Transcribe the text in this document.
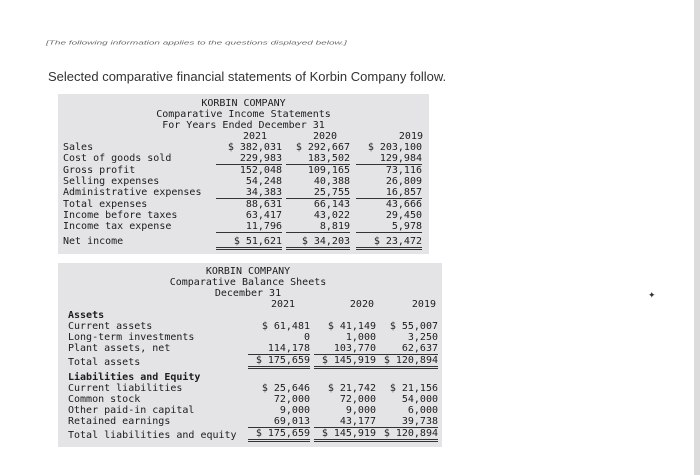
[The following information applies to the questions displayed below.]
Selected comparative financial statements of Korbin Company follow.
KORBIN COMPANY
Comparative Income Statements
For Years Ended December 31
2021	2020	2019
Sales	$ 382,031	$ 292,667	$ 203,100
Cost of goods sold	229,983	183,502	129,984
Gross profit	152,048	109,165	73,116
Selling expenses	54,248	40,388	26,809
Administrative expenses	34,383	25,755	16,857
Total expenses	88,631	66,143	43,666
Income before taxes	63,417	43,022	29,450
Income tax expense	11,796	8,819	5,978
Net income	$ 51,621	$ 34,203	$ 23,472
KORBIN COMPANY
Comparative Balance Sheets
December 31
2021	2020	2019
Assets
Current assets	$ 61,481	$ 41,149	$ 55,007
Long-term investments	0	1,000	3,250
Plant assets, net	114,178	103,770	62,637
Total assets	$ 175,659	$ 145,919 $ 120,894
Liabilities and Equity
Current liabilities	$ 25,646	$ 21,742	$ 21,156
Common stock	72,000	72,000	54,000
Other paid-in capital	9,000	9,000	6,000
Retained earnings	69,013	43,177	39,738
Total liabilities and equity	$ 175,659	$ 145,919 $ 120,894
✦
